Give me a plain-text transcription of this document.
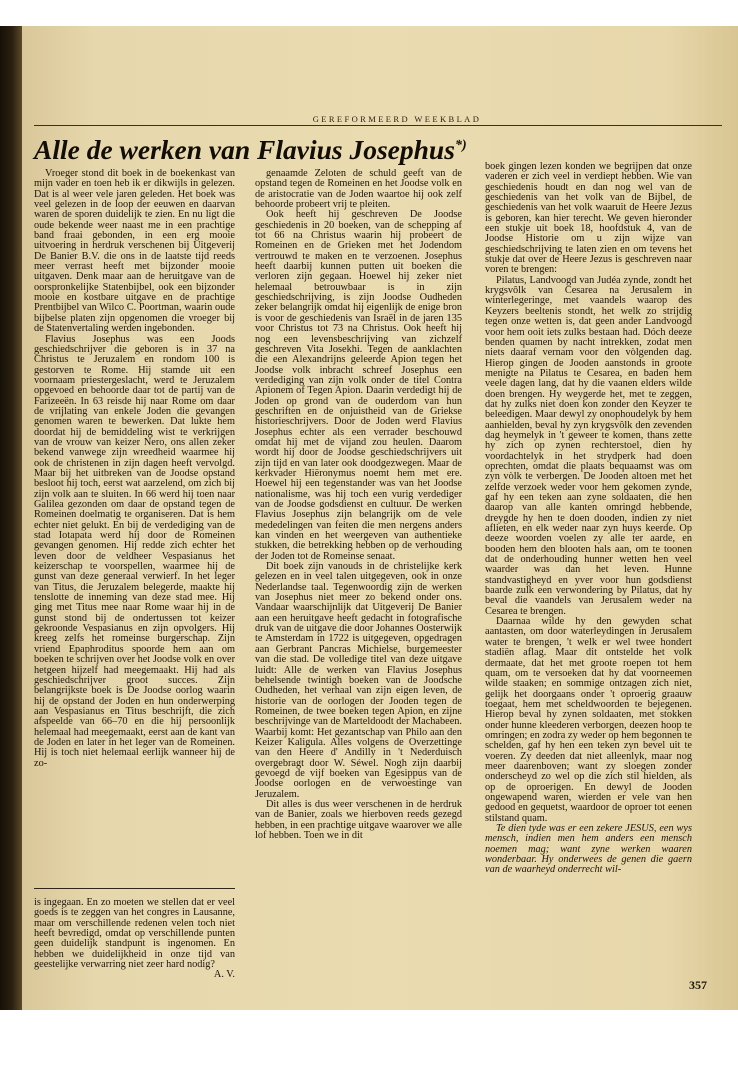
GEREFORMEERD WEEKBLAD
Alle de werken van Flavius Josephus*)

Vroeger stond dit boek in de boekenkast van mijn vader en toen heb ik er dikwijls in gelezen. Dat is al weer vele jaren geleden. Het boek was veel gelezen in de loop der eeuwen en daarvan waren de sporen duidelijk te zien. En nu ligt die oude bekende weer naast me in een prachtige band fraai gebonden, in een erg mooie uitvoering in herdruk verschenen bij Uitgeverij De Banier B.V. die ons in de laatste tijd reeds meer verrast heeft met bijzonder mooie uitgaven. Denk maar aan de heruitgave van de oorspronkelijke Statenbijbel, ook een bijzonder mooie en kostbare uitgave en de prachtige Prentbijbel van Wilco C. Poortman, waarin oude bijbelse platen zijn opgenomen die vroeger bij de Statenvertaling werden ingebonden.

Flavius Josephus was een Joods geschiedschrijver die geboren is in 37 na Christus te Jeruzalem en rondom 100 is gestorven te Rome. Hij stamde uit een voornaam priestergeslacht, werd te Jeruzalem opgevoed en behoorde daar tot de partij van de Farizeeën. In 63 reisde hij naar Rome om daar de vrijlating van enkele Joden die gevangen genomen waren te bewerken. Dat lukte hem doordat hij de bemiddeling wist te verkrijgen van de vrouw van keizer Nero, ons allen zeker bekend vanwege zijn wreedheid waarmee hij ook de christenen in zijn dagen heeft vervolgd. Maar bij het uitbreken van de Joodse opstand besloot hij toch, eerst wat aarzelend, om zich bij zijn volk aan te sluiten. In 66 werd hij toen naar Galilea gezonden om daar de opstand tegen de Romeinen doelmatig te organiseren. Dat is hem echter niet gelukt. En bij de verdediging van de stad Iotapata werd hij door de Romeinen gevangen genomen. Hij redde zich echter het leven door de veldheer Vespasianus het keizerschap te voorspellen, waarmee hij de gunst van deze generaal verwierf. In het leger van Titus, die Jeruzalem belegerde, maakte hij tenslotte de inneming van deze stad mee. Hij ging met Titus mee naar Rome waar hij in de gunst stond bij de ondertussen tot keizer gekroonde Vespasianus en zijn opvolgers. Hij kreeg zelfs het romeinse burgerschap. Zijn vriend Epaphroditus spoorde hem aan om boeken te schrijven over het Joodse volk en over hetgeen hijzelf had meegemaakt. Hij had als geschiedschrijver groot succes. Zijn belangrijkste boek is De Joodse oorlog waarin hij de opstand der Joden en hun onderwerping aan Vespasianus en Titus beschrijft, die zich afspeelde van 66–70 en die hij persoonlijk helemaal had meegemaakt, eerst aan de kant van de Joden en later in het leger van de Romeinen. Hij is toch niet helemaal eerlijk wanneer hij de zo-

is ingegaan. En zo moeten we stellen dat er veel goeds is te zeggen van het congres in Lausanne, maar om verschillende redenen velen toch niet heeft bevredigd, omdat op verschillende punten geen duidelijk standpunt is ingenomen. En hebben we duidelijkheid in onze tijd van geestelijke verwarring niet zeer hard nodig?
A. V.

genaamde Zeloten de schuld geeft van de opstand tegen de Romeinen en het Joodse volk en de aristocratie van de Joden waartoe hij ook zelf behoorde probeert vrij te pleiten.

Ook heeft hij geschreven De Joodse geschiedenis in 20 boeken, van de schepping af tot 66 na Christus waarin hij probeert de Romeinen en de Grieken met het Jodendom vertrouwd te maken en te verzoenen. Josephus heeft daarbij kunnen putten uit boeken die verloren zijn gegaan. Hoewel hij zeker niet helemaal betrouwbaar is in zijn geschiedschrijving, is zijn Joodse Oudheden zeker belangrijk omdat hij eigenlijk de enige bron is voor de geschiedenis van Israël in de jaren 135 voor Christus tot 73 na Christus. Ook heeft hij nog een levensbeschrijving van zichzelf geschreven Vita Josekhi. Tegen de aanklachten die een Alexandrijns geleerde Apion tegen het Joodse volk inbracht schreef Josephus een verdediging van zijn volk onder de titel Contra Apionem of Tegen Apion. Daarin verdedigt hij de Joden op grond van de ouderdom van hun geschriften en de onjuistheid van de Griekse historieschrijvers. Door de Joden werd Flavius Josephus echter als een verrader beschouwd omdat hij met de vijand zou heulen. Daarom wordt hij door de Joodse geschiedschrijvers uit zijn tijd en van later ook doodgezwegen. Maar de kerkvader Hiëronymus noemt hem met ere. Hoewel hij een tegenstander was van het Joodse nationalisme, was hij toch een vurig verdediger van de Joodse godsdienst en cultuur. De werken Flavius Josephus zijn belangrijk om de vele mededelingen van feiten die men nergens anders kan vinden en het weergeven van authentieke stukken, die betrekking hebben op de verhouding der Joden tot de Romeinse senaat.

Dit boek zijn vanouds in de christelijke kerk gelezen en in veel talen uitgegeven, ook in onze Nederlandse taal. Tegenwoordig zijn de werken van Josephus niet meer zo bekend onder ons. Vandaar waarschijnlijk dat Uitgeverij De Banier aan een heruitgave heeft gedacht in fotografische druk van de uitgave die door Johannes Oosterwijk te Amsterdam in 1722 is uitgegeven, opgedragen aan Gerbrant Pancras Michielse, burgemeester van die stad. De volledige titel van deze uitgave luidt: Alle de werken van Flavius Josephus behelsende twintigh boeken van de Joodsche Oudheden, het verhaal van zijn eigen leven, de historie van de oorlogen der Jooden tegen de Romeinen, de twee boeken tegen Apion, en zijne beschrijvinge van de Marteldoodt der Machabeen. Waarbij komt: Het gezantschap van Philo aan den Keizer Kaligula. Alles volgens de Overzettinge van den Heere d' Andilly in 't Nederduisch overgebragt door W. Séwel. Nogh zijn daarbij gevoegd de vijf boeken van Egesippus van de Joodse oorlogen en de verwoestinge van Jeruzalem.

Dit alles is dus weer verschenen in de herdruk van de Banier, zoals we hierboven reeds gezegd hebben, in een prachtige uitgave waarover we alle lof hebben. Toen we in dit

boek gingen lezen konden we begrijpen dat onze vaderen er zich veel in verdiept hebben. Wie van geschiedenis houdt en dan nog wel van de geschiedenis van het volk van de Bijbel, de geschiedenis van het volk waaruit de Heere Jezus is geboren, kan hier terecht. We geven hieronder een stukje uit boek 18, hoofdstuk 4, van de Joodse Historie om u zijn wijze van geschiedschrijving te laten zien en om tevens het stukje dat over de Heere Jezus is geschreven naar voren te brengen:

Pilatus, Landvoogd van Judéa zynde, zondt het krygsvôlk van Cesarea na Jerusalem in winterlegeringe, met vaandels waarop des Keyzers beeltenis stondt, het welk zo strijdig tegen onze wetten is, dat geen ander Landvoogd voor hem ooit iets zulks bestaan had. Dóch deeze benden quamen by nacht intrekken, zodat men niets daaraf vernam voor den vòlgenden dag. Hierop gingen de Jooden aanstonds in groote menigte na Pilatus te Cesarea, en baden hem veele dagen lang, dat hy die vaanen elders wilde doen brengen. Hy weygerde het, met te zeggen, dat hy zulks niet doen kon zonder den Keyzer te beleedigen. Maar dewyl zy onophoudelyk by hem aanhielden, beval hy zyn krygsvôlk den zevenden dag heymelyk in 't geweer te komen, thans zette hy zich op zynen rechterstoel, dien hy voordachtelyk in het strydperk had doen oprechten, omdat die plaats bequaamst was om zyn vòlk te verbergen. De Jooden altoen met het zelfde verzoek weder voor hem gekomen zynde, gaf hy een teken aan zyne soldaaten, die hen daarop van alle kanten omringd hebbende, dreygde hy hen te doen dooden, indien zy niet aflieten, en elk weder naar zyn huys keerde. Op deeze woorden voelen zy alle ter aarde, en booden hem den blooten hals aan, om te toonen dat de onderhouding hunner wetten hen veel waarder was dan het leven. Hunne standvastigheyd en yver voor hun godsdienst baarde zulk een verwondering by Pilatus, dat hy beval die vaandels van Jerusalem weder na Cesarea te brengen.

Daarnaa wilde hy den gewyden schat aantasten, om door waterleydingen in Jerusalem water te brengen, 't welk er wel twee hondert stadiën aflag. Maar dit ontstelde het volk dermaate, dat het met groote roepen tot hem quam, om te versoeken dat hy dat voorneemen wilde staaken; en sommige ontzagen zich niet, gelijk het doorgaans onder 't oproerig graauw toegaat, hem met scheldwoorden te bejegenen. Hierop beval hy zynen soldaaten, met stokken onder hunne kleederen verborgen, deezen hoop te omringen; en zodra zy weder op hem begonnen te schelden, gaf hy hen een teken zyn bevel uit te voeren. Zy deeden dat niet alleenlyk, maar nog meer daarenboven; want zy sloegen zonder onderscheyd zo wel op die zich stil hielden, als op de oproerigen. En dewyl de Jooden ongewapend waren, wierden er vele van hen gedood en gequetst, waardoor de oproer tot eenen stilstand quam.

Te dien tyde was er een zekere JESUS, een wys mensch, indien men hem anders een mensch noemen mag; want zyne werken waaren wonderbaar. Hy onderwees de genen die gaern van de waarheyd onderrecht wil-

357
